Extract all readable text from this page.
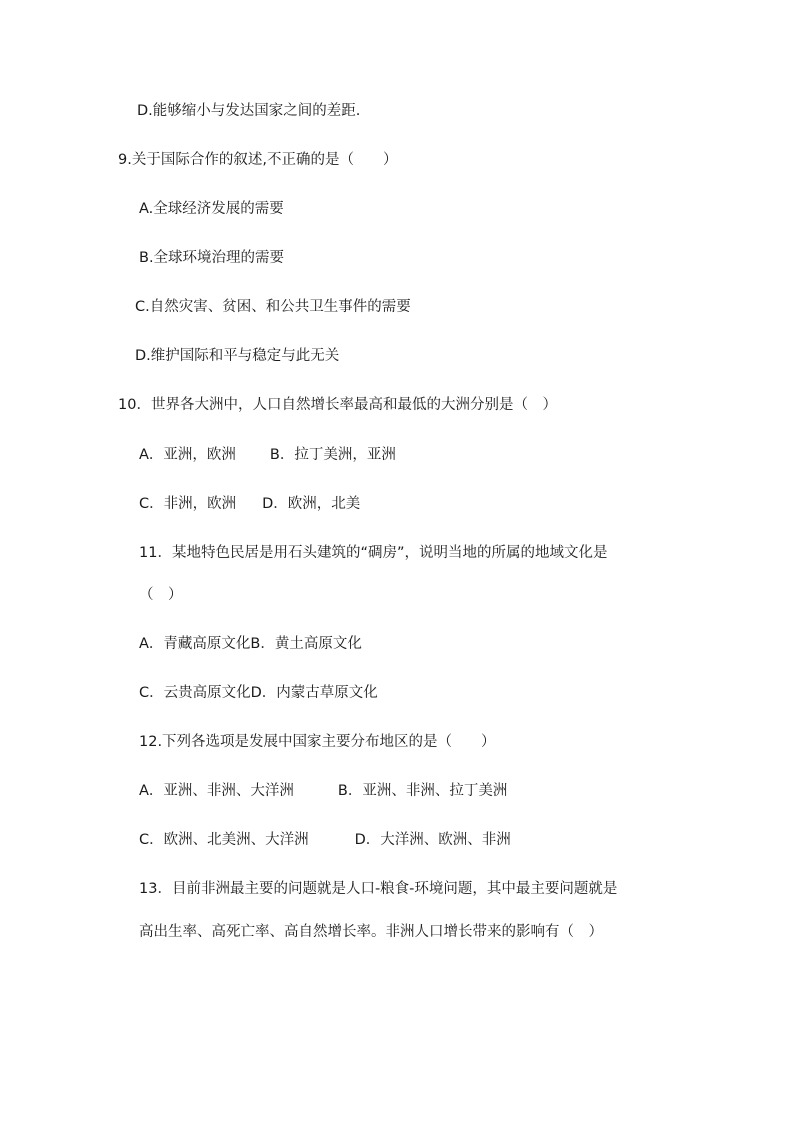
D.能够缩小与发达国家之间的差距.
9.关于国际合作的叙述,不正确的是（　　）
A.全球经济发展的需要
B.全球环境治理的需要
C.自然灾害、贫困、和公共卫生事件的需要
D.维护国际和平与稳定与此无关
10．世界各大洲中，人口自然增长率最高和最低的大洲分别是（　）
A．亚洲，欧洲 B．拉丁美洲，亚洲
C．非洲，欧洲 D．欧洲，北美
11．某地特色民居是用石头建筑的“碉房”，说明当地的所属的地域文化是
（　）
A．青藏高原文化B．黄土高原文化
C．云贵高原文化D．内蒙古草原文化
12.下列各选项是发展中国家主要分布地区的是（　　）
A．亚洲、非洲、大洋洲	B．亚洲、非洲、拉丁美洲
C．欧洲、北美洲、大洋洲	D．大洋洲、欧洲、非洲
13．目前非洲最主要的问题就是人口-粮食-环境问题，其中最主要问题就是
高出生率、高死亡率、高自然增长率。非洲人口增长带来的影响有（　）
